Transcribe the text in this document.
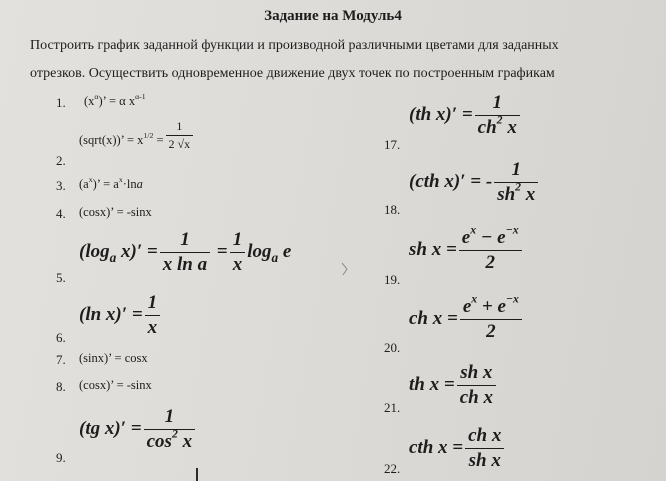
Задание на Модуль4
Построить график заданной функции и производной различными цветами для заданных
отрезков. Осуществить одновременное движение двух точек по построенным графикам
1. $(x^\alpha)$’ = α $x^{\alpha-1}$
2.
(sqrt(x))’ = $x^{1/2} = \frac{1}{2 √x}$
3. $(a^x)$’ = $a^x\cdot\ln a$
4. (cosx)’ = -sinx
5.
($\log_a$ $x)' = \frac{1}{\text{x ln a}} = \frac{1}{x} \log_a e$
6.
(ln $x)' = \frac{1}{x}$
7. (sinx)’ = cosx
8. (cosx)’ = -sinx
9.
(tg $x)' = \frac{1}{\cos^2 x}$
17.
(th $x)' = \frac{1}{ch^2 x}$
18.
(cth x)′ = - $\frac{1}{sh^2 x}$
19.
sh $x = \frac{e^x - e^{-x}}{2}$
20.
ch $x = \frac{e^x + e^{-x}}{2}$
21.
th $x = \frac{\text{sh x}}{\text{ch x}}$
22.
cth $x = \frac{\text{ch x}}{\text{sh x}}$
